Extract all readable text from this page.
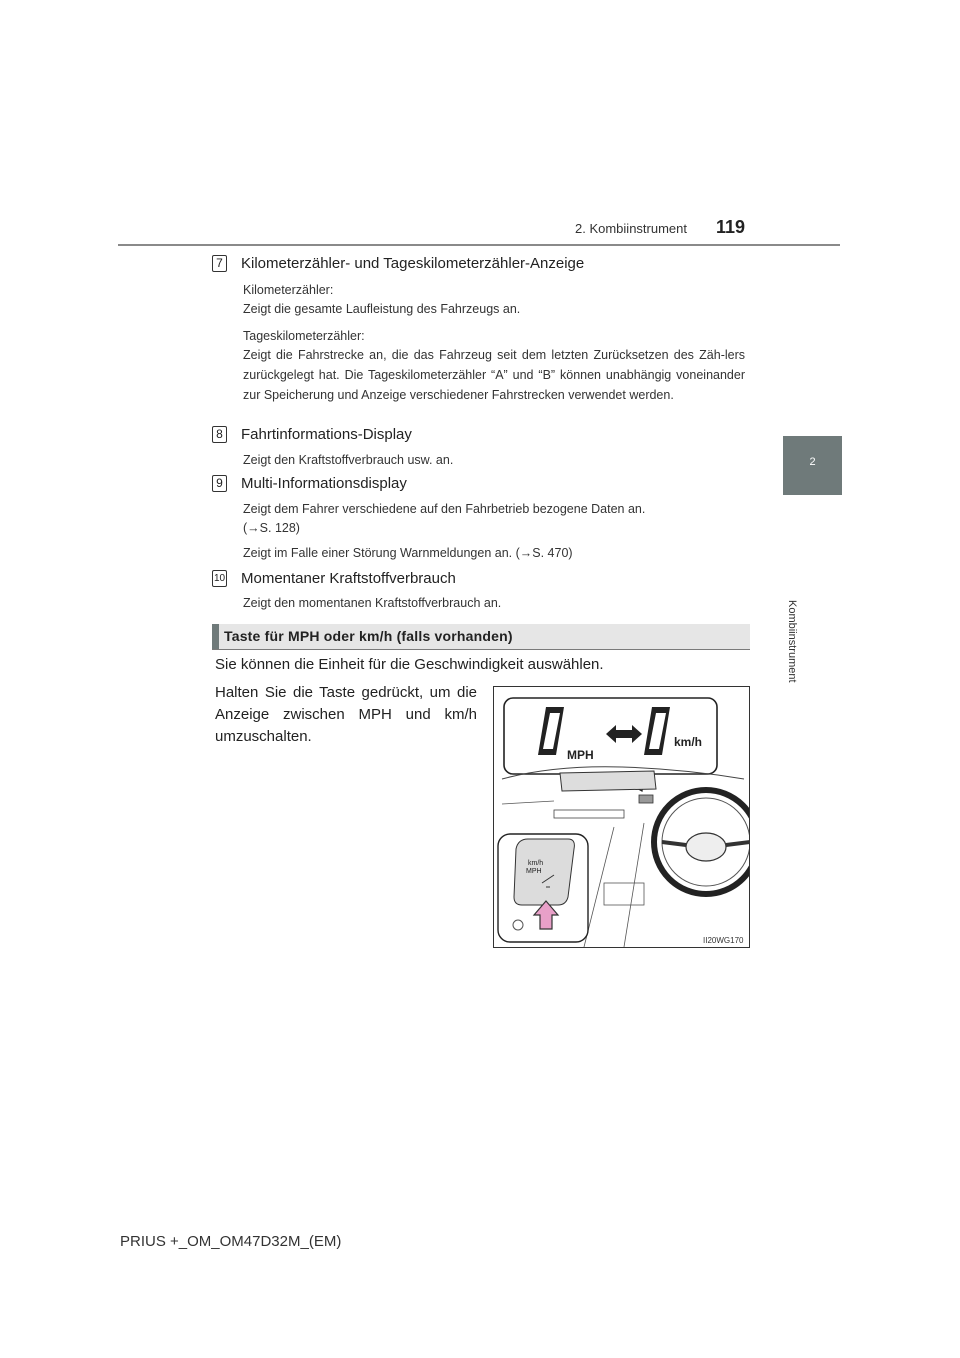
2. Kombiinstrument 119
2
Kombiinstrument
7 Kilometerzähler- und Tageskilometerzähler-Anzeige
Kilometerzähler:
Zeigt die gesamte Laufleistung des Fahrzeugs an.
Tageskilometerzähler:
Zeigt die Fahrstrecke an, die das Fahrzeug seit dem letzten Zurücksetzen des Zäh-lers zurückgelegt hat. Die Tageskilometerzähler “A” und “B” können unabhängig voneinander zur Speicherung und Anzeige verschiedener Fahrstrecken verwendet werden.
8 Fahrtinformations-Display
Zeigt den Kraftstoffverbrauch usw. an.
9 Multi-Informationsdisplay
Zeigt dem Fahrer verschiedene auf den Fahrbetrieb bezogene Daten an.
(→S. 128)
Zeigt im Falle einer Störung Warnmeldungen an. (→S. 470)
10 Momentaner Kraftstoffverbrauch
Zeigt den momentanen Kraftstoffverbrauch an.
Taste für MPH oder km/h (falls vorhanden)
Sie können die Einheit für die Geschwindigkeit auswählen.
Halten Sie die Taste gedrückt, um die Anzeige zwischen MPH und km/h umzuschalten.
MPH
km/h
km/h
MPH
II20WG170
PRIUS +_OM_OM47D32M_(EM)
